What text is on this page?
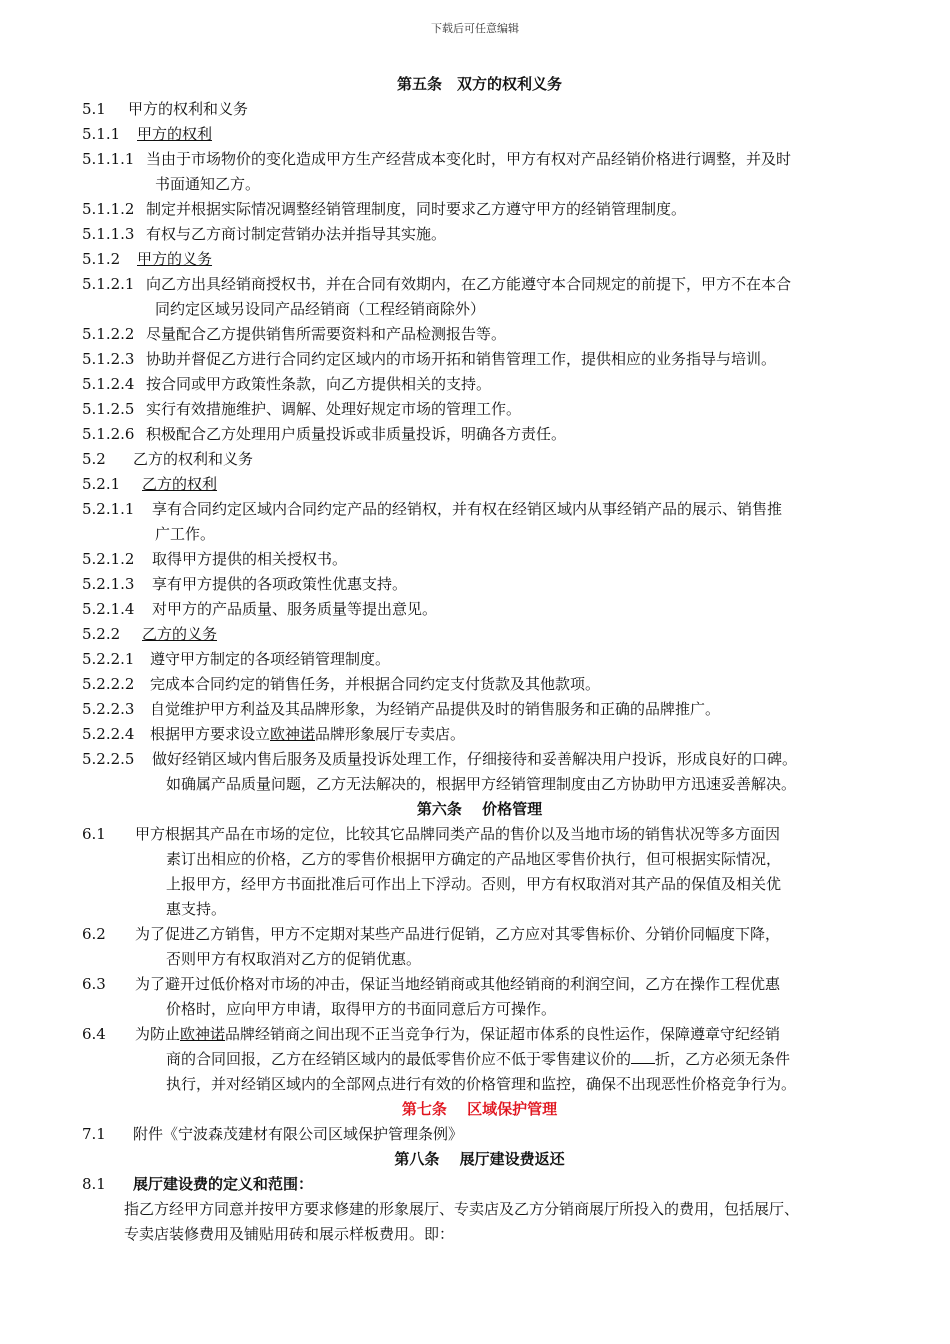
下载后可任意编辑
第五条　双方的权利义务
5.1 甲方的权利和义务
5.1.1 甲方的权利
5.1.1.1 当由于市场物价的变化造成甲方生产经营成本变化时，甲方有权对产品经销价格进行调整，并及时
书面通知乙方。
5.1.1.2 制定并根据实际情况调整经销管理制度，同时要求乙方遵守甲方的经销管理制度。
5.1.1.3 有权与乙方商讨制定营销办法并指导其实施。
5.1.2 甲方的义务
5.1.2.1 向乙方出具经销商授权书，并在合同有效期内，在乙方能遵守本合同规定的前提下，甲方不在本合
同约定区域另设同产品经销商（工程经销商除外）
5.1.2.2 尽量配合乙方提供销售所需要资料和产品检测报告等。
5.1.2.3 协助并督促乙方进行合同约定区域内的市场开拓和销售管理工作，提供相应的业务指导与培训。
5.1.2.4 按合同或甲方政策性条款，向乙方提供相关的支持。
5.1.2.5 实行有效措施维护、调解、处理好规定市场的管理工作。
5.1.2.6 积极配合乙方处理用户质量投诉或非质量投诉，明确各方责任。
5.2 乙方的权利和义务
5.2.1 乙方的权利
5.2.1.1 享有合同约定区域内合同约定产品的经销权，并有权在经销区域内从事经销产品的展示、销售推
广工作。
5.2.1.2 取得甲方提供的相关授权书。
5.2.1.3 享有甲方提供的各项政策性优惠支持。
5.2.1.4 对甲方的产品质量、服务质量等提出意见。
5.2.2 乙方的义务
5.2.2.1 遵守甲方制定的各项经销管理制度。
5.2.2.2 完成本合同约定的销售任务，并根据合同约定支付货款及其他款项。
5.2.2.3 自觉维护甲方利益及其品牌形象，为经销产品提供及时的销售服务和正确的品牌推广。
5.2.2.4 根据甲方要求设立欧神诺品牌形象展厅专卖店。
5.2.2.5 做好经销区域内售后服务及质量投诉处理工作，仔细接待和妥善解决用户投诉，形成良好的口碑。
如确属产品质量问题，乙方无法解决的，根据甲方经销管理制度由乙方协助甲方迅速妥善解决。
第六条　 价格管理
6.1 甲方根据其产品在市场的定位，比较其它品牌同类产品的售价以及当地市场的销售状况等多方面因
素订出相应的价格，乙方的零售价根据甲方确定的产品地区零售价执行，但可根据实际情况，
上报甲方，经甲方书面批准后可作出上下浮动。否则，甲方有权取消对其产品的保值及相关优
惠支持。
6.2 为了促进乙方销售，甲方不定期对某些产品进行促销，乙方应对其零售标价、分销价同幅度下降，
否则甲方有权取消对乙方的促销优惠。
6.3 为了避开过低价格对市场的冲击，保证当地经销商或其他经销商的利润空间，乙方在操作工程优惠
价格时，应向甲方申请，取得甲方的书面同意后方可操作。
6.4 为防止欧神诺品牌经销商之间出现不正当竞争行为，保证超市体系的良性运作，保障遵章守纪经销
商的合同回报，乙方在经销区域内的最低零售价应不低于零售建议价的 折，乙方必须无条件
执行，并对经销区域内的全部网点进行有效的价格管理和监控，确保不出现恶性价格竞争行为。
第七条　 区域保护管理
7.1 附件《宁波森茂建材有限公司区域保护管理条例》
第八条　 展厅建设费返还
8.1 展厅建设费的定义和范围：
指乙方经甲方同意并按甲方要求修建的形象展厅、专卖店及乙方分销商展厅所投入的费用，包括展厅、
专卖店装修费用及铺贴用砖和展示样板费用。即：
